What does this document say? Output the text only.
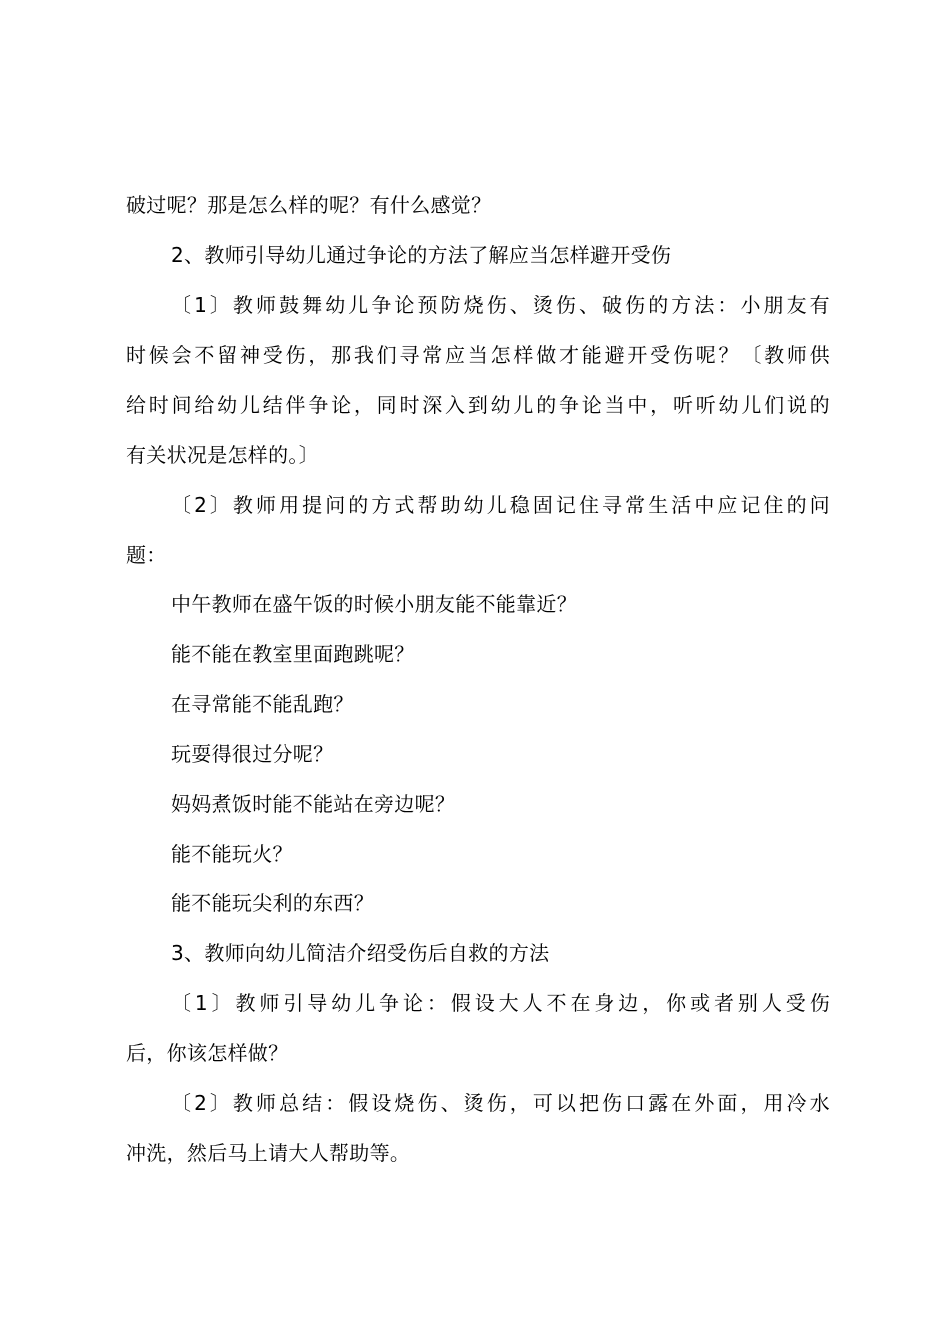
破过呢？那是怎么样的呢？有什么感觉？
2、教师引导幼儿通过争论的方法了解应当怎样避开受伤
〔1〕教师鼓舞幼儿争论预防烧伤、烫伤、破伤的方法：小朋友有
时候会不留神受伤，那我们寻常应当怎样做才能避开受伤呢？〔教师供
给时间给幼儿结伴争论，同时深入到幼儿的争论当中，听听幼儿们说的
有关状况是怎样的。〕
〔2〕教师用提问的方式帮助幼儿稳固记住寻常生活中应记住的问
题：
中午教师在盛午饭的时候小朋友能不能靠近？
能不能在教室里面跑跳呢？
在寻常能不能乱跑？
玩耍得很过分呢？
妈妈煮饭时能不能站在旁边呢？
能不能玩火？
能不能玩尖利的东西？
3、教师向幼儿简洁介绍受伤后自救的方法
〔1〕教师引导幼儿争论：假设大人不在身边，你或者别人受伤
后，你该怎样做？
〔2〕教师总结：假设烧伤、烫伤，可以把伤口露在外面，用冷水
冲洗，然后马上请大人帮助等。
